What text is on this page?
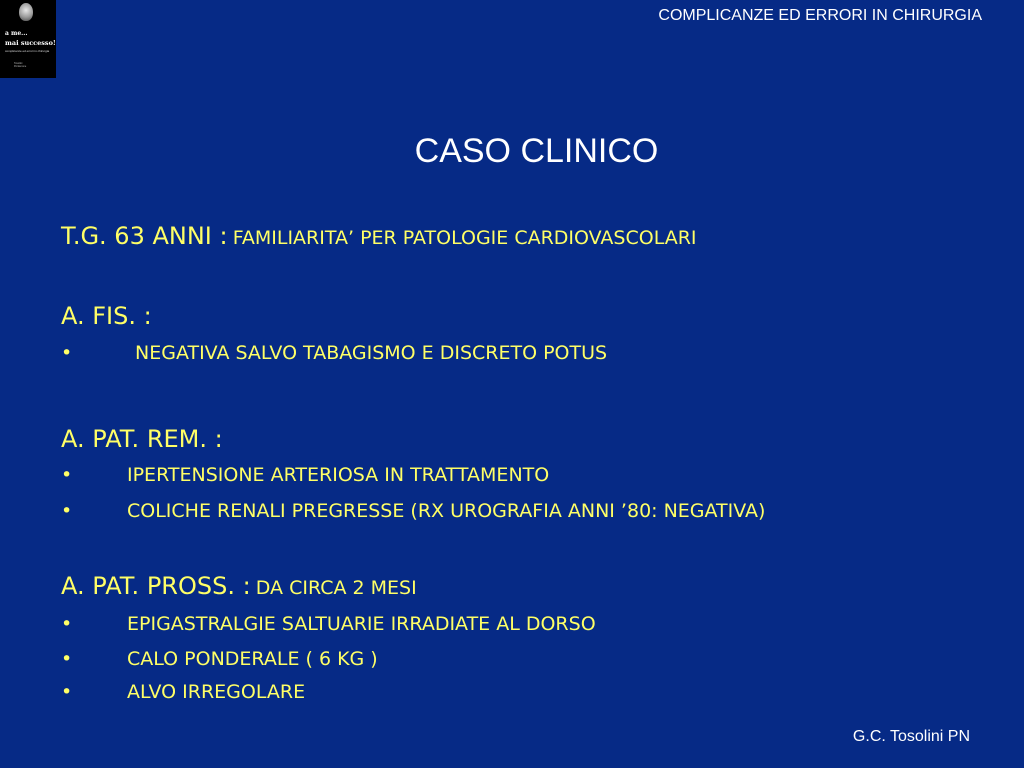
a me...
mai successo!
complicanze ed errori in chirurgia
Tosolini
Pordenone
COMPLICANZE ED ERRORI IN CHIRURGIA
CASO CLINICO
T.G. 63 ANNI : FAMILIARITA’ PER PATOLOGIE CARDIOVASCOLARI
A. FIS. :
•	NEGATIVA SALVO TABAGISMO E DISCRETO POTUS
A. PAT. REM. :
•	IPERTENSIONE ARTERIOSA IN TRATTAMENTO
•	COLICHE RENALI PREGRESSE (RX UROGRAFIA ANNI ’80: NEGATIVA)
A. PAT. PROSS. : DA CIRCA 2 MESI
•	EPIGASTRALGIE SALTUARIE IRRADIATE AL DORSO
•	CALO PONDERALE ( 6 KG )
•	ALVO IRREGOLARE
G.C. Tosolini PN
